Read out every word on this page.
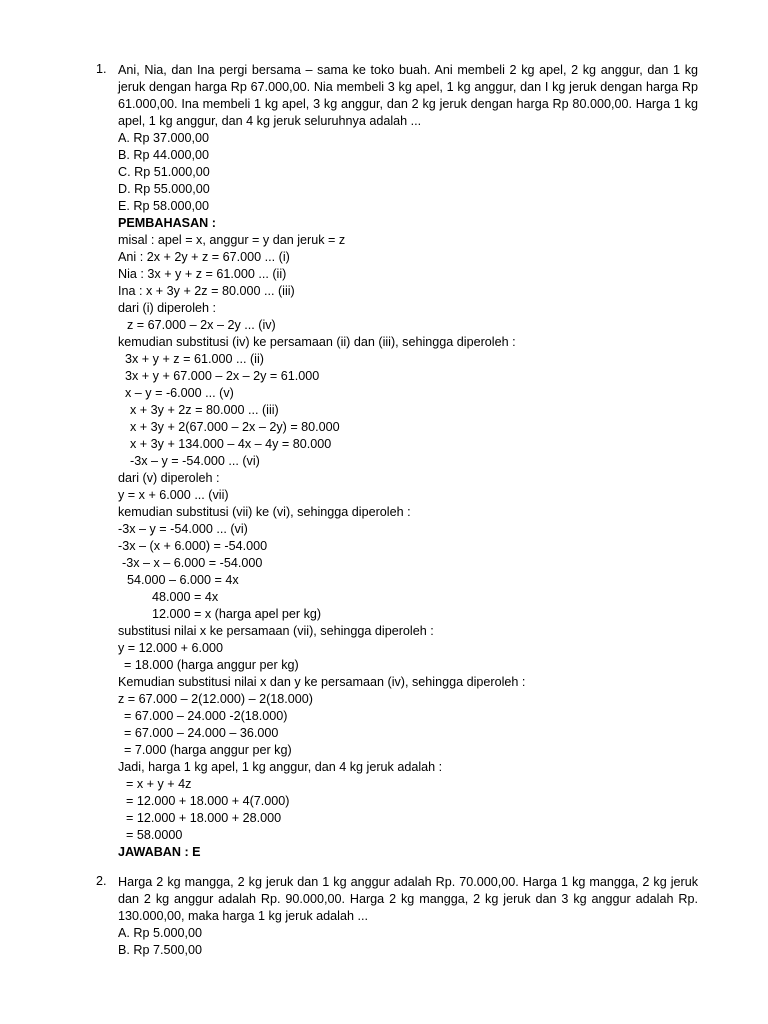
1. Ani, Nia, dan Ina pergi bersama – sama ke toko buah. Ani membeli 2 kg apel, 2 kg anggur, dan 1 kg
jeruk dengan harga Rp 67.000,00. Nia membeli 3 kg apel, 1 kg anggur, dan I kg jeruk dengan harga Rp
61.000,00. Ina membeli 1 kg apel, 3 kg anggur, dan 2 kg jeruk dengan harga Rp 80.000,00. Harga 1 kg
apel, 1 kg anggur, dan 4 kg jeruk seluruhnya adalah ...
A. Rp 37.000,00
B. Rp 44.000,00
C. Rp 51.000,00
D. Rp 55.000,00
E. Rp 58.000,00
PEMBAHASAN :
misal : apel = x, anggur = y dan jeruk = z
Ani : 2x + 2y + z = 67.000 ... (i)
Nia : 3x + y + z = 61.000 ... (ii)
Ina : x + 3y + 2z = 80.000 ... (iii)
dari (i) diperoleh :
z = 67.000 – 2x – 2y ... (iv)
kemudian substitusi (iv) ke persamaan (ii) dan (iii), sehingga diperoleh :
3x + y + z = 61.000 ... (ii)
3x + y + 67.000 – 2x – 2y = 61.000
x – y = -6.000 ... (v)
x + 3y + 2z = 80.000 ... (iii)
x + 3y + 2(67.000 – 2x – 2y) = 80.000
x + 3y + 134.000 – 4x – 4y = 80.000
-3x – y = -54.000 ... (vi)
dari (v) diperoleh :
y = x + 6.000 ... (vii)
kemudian substitusi (vii) ke (vi), sehingga diperoleh :
-3x – y = -54.000 ... (vi)
-3x – (x + 6.000) = -54.000
-3x – x – 6.000 = -54.000
54.000 – 6.000 = 4x
48.000 = 4x
12.000 = x (harga apel per kg)
substitusi nilai x ke persamaan (vii), sehingga diperoleh :
y = 12.000 + 6.000
= 18.000 (harga anggur per kg)
Kemudian substitusi nilai x dan y ke persamaan (iv), sehingga diperoleh :
z = 67.000 – 2(12.000) – 2(18.000)
= 67.000 – 24.000 -2(18.000)
= 67.000 – 24.000 – 36.000
= 7.000 (harga anggur per kg)
Jadi, harga 1 kg apel, 1 kg anggur, dan 4 kg jeruk adalah :
= x + y + 4z
= 12.000 + 18.000 + 4(7.000)
= 12.000 + 18.000 + 28.000
= 58.0000
JAWABAN : E
2. Harga 2 kg mangga, 2 kg jeruk dan 1 kg anggur adalah Rp. 70.000,00. Harga 1 kg mangga, 2 kg jeruk
dan 2 kg anggur adalah Rp. 90.000,00. Harga 2 kg mangga, 2 kg jeruk dan 3 kg anggur adalah Rp.
130.000,00, maka harga 1 kg jeruk adalah ...
A. Rp 5.000,00
B. Rp 7.500,00
